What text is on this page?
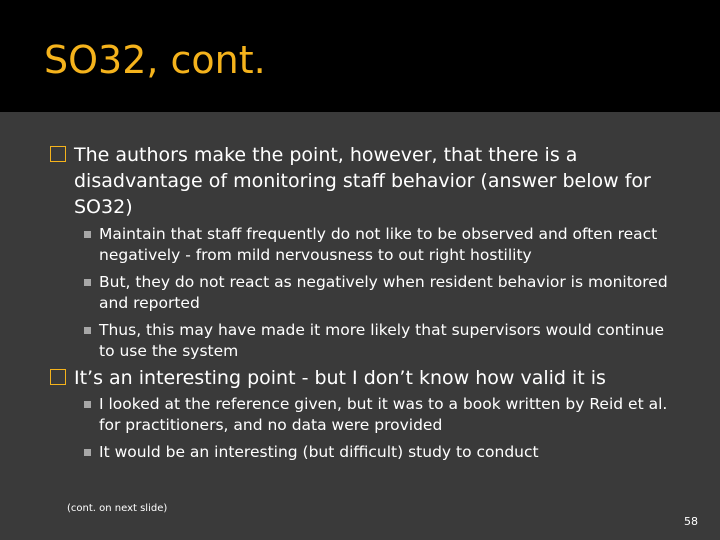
SO32, cont.
The authors make the point, however, that there is a disadvantage of monitoring staff behavior (answer below for SO32)
Maintain that staff frequently do not like to be observed and often react negatively - from mild nervousness to out right hostility
But, they do not react as negatively when resident behavior is monitored and reported
Thus, this may have made it more likely that supervisors would continue to use the system
It’s an interesting point - but I don’t know how valid it is
I looked at the reference given, but it was to a book written by Reid et al. for practitioners, and no data were provided
It would be an interesting (but difficult) study to conduct
(cont. on next slide)
58
